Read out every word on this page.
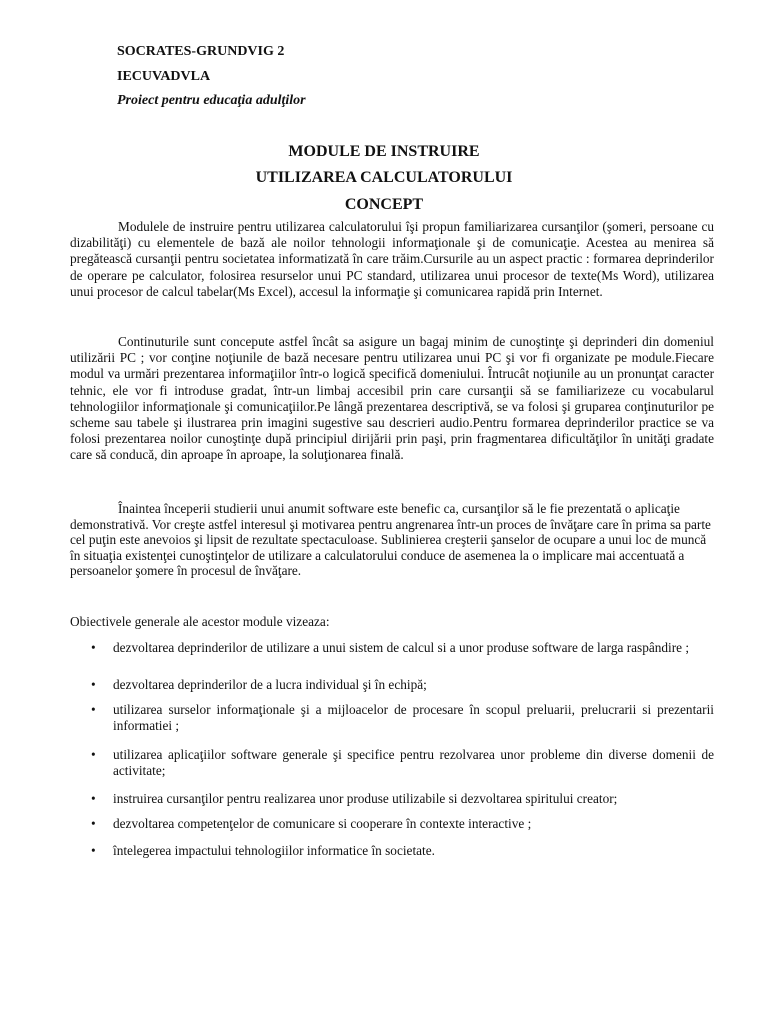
SOCRATES-GRUNDVIG 2
IECUVADVLA
Proiect pentru educaţia adulţilor
MODULE DE INSTRUIRE
UTILIZAREA CALCULATORULUI
CONCEPT

Modulele de instruire pentru utilizarea calculatorului îşi propun familiarizarea cursanţilor (şomeri, persoane cu dizabilităţi) cu elementele de bază ale noilor tehnologii informaţionale şi de comunicaţie. Acestea au menirea să pregătească cursanţii pentru societatea informatizată în care trăim.Cursurile au un aspect practic : formarea deprinderilor de operare pe calculator, folosirea resurselor unui PC standard, utilizarea unui procesor de texte(Ms Word), utilizarea unui procesor de calcul tabelar(Ms Excel), accesul la informaţie şi comunicarea rapidă prin Internet.

Continuturile sunt concepute astfel încât sa asigure un bagaj minim de cunoştinţe şi deprinderi din domeniul utilizării PC ; vor conţine noţiunile de bază necesare pentru utilizarea unui PC şi vor fi organizate pe module.Fiecare modul va urmări prezentarea informaţiilor într-o logică specifică domeniului. Întrucât noţiunile au un pronunţat caracter tehnic, ele vor fi introduse gradat, într-un limbaj accesibil prin care cursanţii să se familiarizeze cu vocabularul tehnologiilor informaţionale şi comunicaţiilor.Pe lângă prezentarea descriptivă, se va folosi şi gruparea conţinuturilor pe scheme sau tabele şi ilustrarea prin imagini sugestive sau descrieri audio.Pentru formarea deprinderilor practice se va folosi prezentarea noilor cunoştinţe după principiul dirijării prin paşi, prin fragmentarea dificultăţilor în unităţi gradate care să conducă, din aproape în aproape, la soluţionarea finală.

Înaintea începerii studierii unui anumit software este benefic ca, cursanţilor să le fie prezentată o aplicaţie demonstrativă. Vor creşte astfel interesul şi motivarea pentru angrenarea într-un proces de învăţare care în prima sa parte cel puţin este anevoios şi lipsit de rezultate spectaculoase. Sublinierea creşterii şanselor de ocupare a unui loc de muncă în situaţia existenţei cunoştinţelor de utilizare a calculatorului conduce de asemenea la o implicare mai accentuată a persoanelor şomere în procesul de învăţare.

Obiectivele generale ale acestor module vizeaza:
• dezvoltarea deprinderilor de utilizare a unui sistem de calcul si a unor produse software de larga raspândire ;
• dezvoltarea deprinderilor de a lucra individual şi în echipă;
• utilizarea surselor informaţionale şi a mijloacelor de procesare în scopul preluarii, prelucrarii si prezentarii informatiei ;
• utilizarea aplicaţiilor software generale şi specifice pentru rezolvarea unor probleme din diverse domenii de activitate;
• instruirea cursanţilor pentru realizarea unor produse utilizabile si dezvoltarea spiritului creator;
• dezvoltarea competenţelor de comunicare si cooperare în contexte interactive ;
• întelegerea impactului tehnologiilor informatice în societate.
